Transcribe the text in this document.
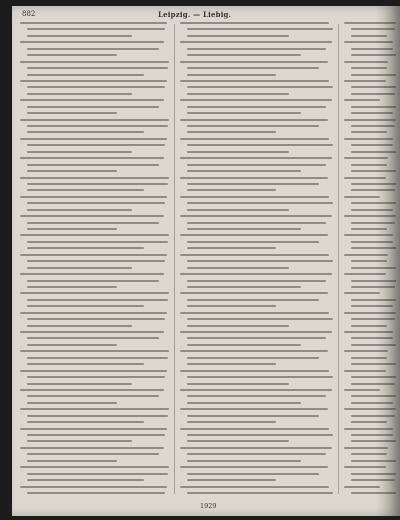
882	Leipzig. — Liebig.
1929
